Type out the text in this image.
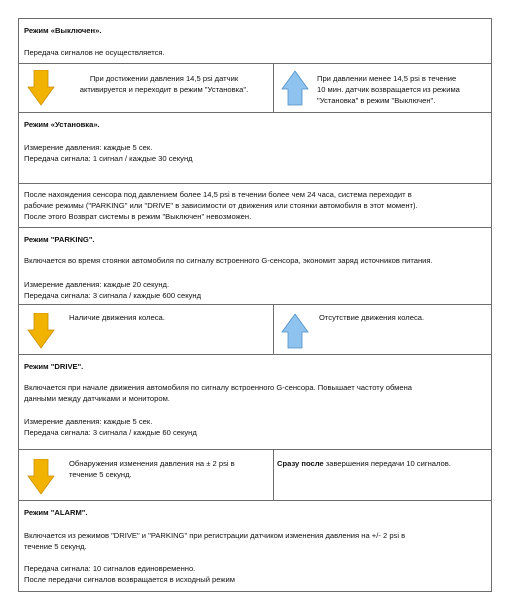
Режим «Выключен».
Передача сигналов не осуществляется.
При достижении давления 14,5 psi датчик
активируется и переходит в режим "Установка".
При давлении менее 14,5 psi в течение
10 мин. датчик возвращается из режима
"Установка" в режим "Выключен".
Режим «Установка».
Измерение давления: каждые 5 сек.
Передача сигнала: 1 сигнал / каждые 30 секунд
После нахождения сенсора под давлением более 14,5 psi в течении более чем 24 часа, система переходит в
рабочие режимы ("PARKING" или "DRIVE" в зависимости от движения или стоянки автомобиля в этот момент).
После этого Возврат системы в режим "Выключен" невозможен.
Режим "PARKING".
Включается во время стоянки автомобиля по сигналу встроенного G-сенсора, экономит заряд источников питания.
Измерение давления: каждые 20 секунд.
Передача сигнала: 3 сигнала / каждые 600 секунд
Наличие движения колеса.	Отсутствие движения колеса.
Режим "DRIVE".
Включается при начале движения автомобиля по сигналу встроенного G-сенсора. Повышает частоту обмена
данными между датчиками и монитором.
Измерение давления: каждые 5 сек.
Передача сигнала: 3 сигнала / каждые 60 секунд
Обнаружения изменения давления на ± 2 psi в
течение 5 секунд.
Сразу после завершения передачи 10 сигналов.
Режим "ALARM".
Включается из режимов "DRIVE" и "PARKING" при регистрации датчиком изменения давления на +/- 2 psi в
течение 5 секунд.
Передача сигнала: 10 сигналов единовременно.
После передачи сигналов возвращается в исходный режим
